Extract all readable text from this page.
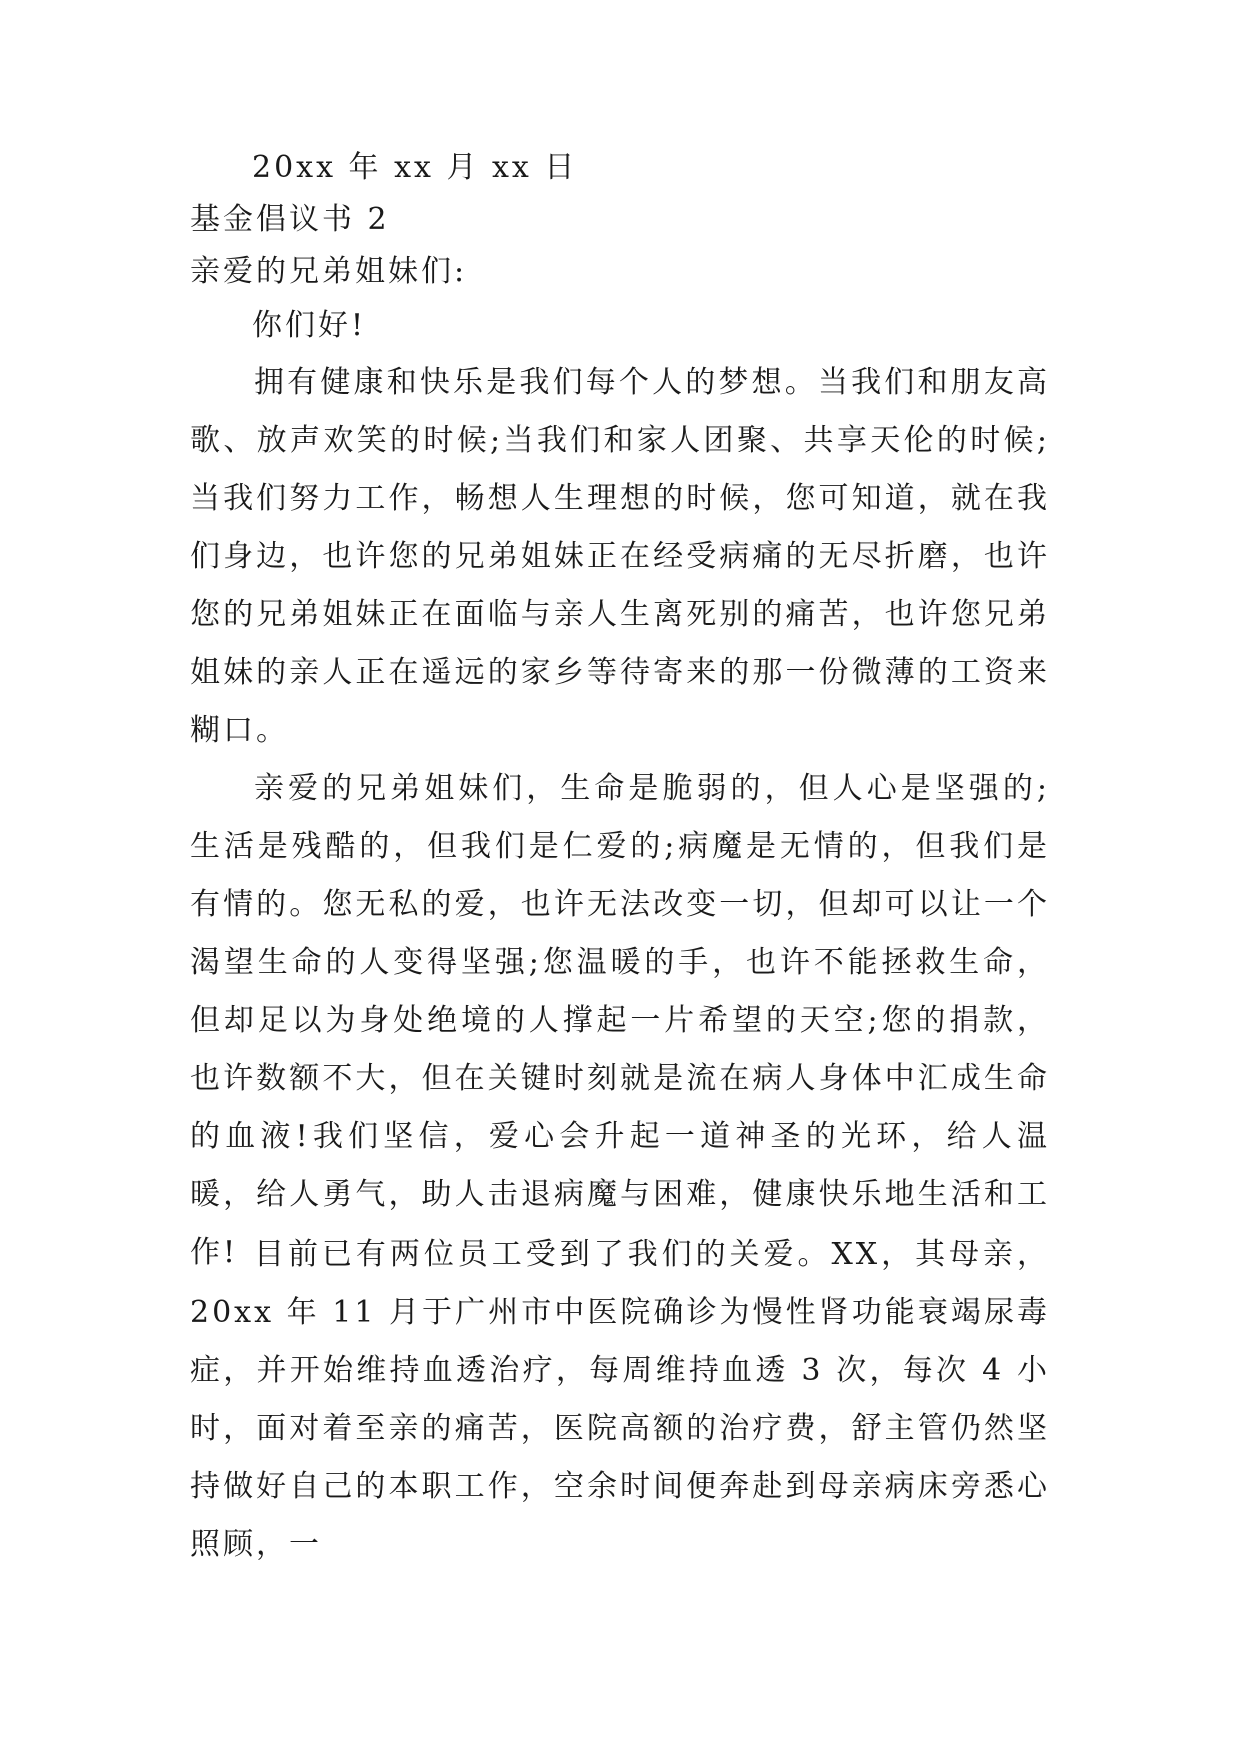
20xx 年 xx 月 xx 日
基金倡议书 2
亲爱的兄弟姐妹们:
你们好!
拥有健康和快乐是我们每个人的梦想。当我们和朋友高歌、放声欢笑的时候;当我们和家人团聚、共享天伦的时候;当我们努力工作，畅想人生理想的时候，您可知道，就在我们身边，也许您的兄弟姐妹正在经受病痛的无尽折磨，也许您的兄弟姐妹正在面临与亲人生离死别的痛苦，也许您兄弟姐妹的亲人正在遥远的家乡等待寄来的那一份微薄的工资来糊口。
亲爱的兄弟姐妹们，生命是脆弱的，但人心是坚强的;生活是残酷的，但我们是仁爱的;病魔是无情的，但我们是有情的。您无私的爱，也许无法改变一切，但却可以让一个渴望生命的人变得坚强;您温暖的手，也许不能拯救生命，但却足以为身处绝境的人撑起一片希望的天空;您的捐款，也许数额不大，但在关键时刻就是流在病人身体中汇成生命的血液!我们坚信，爱心会升起一道神圣的光环，给人温暖，给人勇气，助人击退病魔与困难，健康快乐地生活和工作! 目前已有两位员工受到了我们的关爱。XX，其母亲，20xx 年 11 月于广州市中医院确诊为慢性肾功能衰竭尿毒症，并开始维持血透治疗，每周维持血透 3 次，每次 4 小时，面对着至亲的痛苦，医院高额的治疗费，舒主管仍然坚持做好自己的本职工作，空余时间便奔赴到母亲病床旁悉心照顾，一
